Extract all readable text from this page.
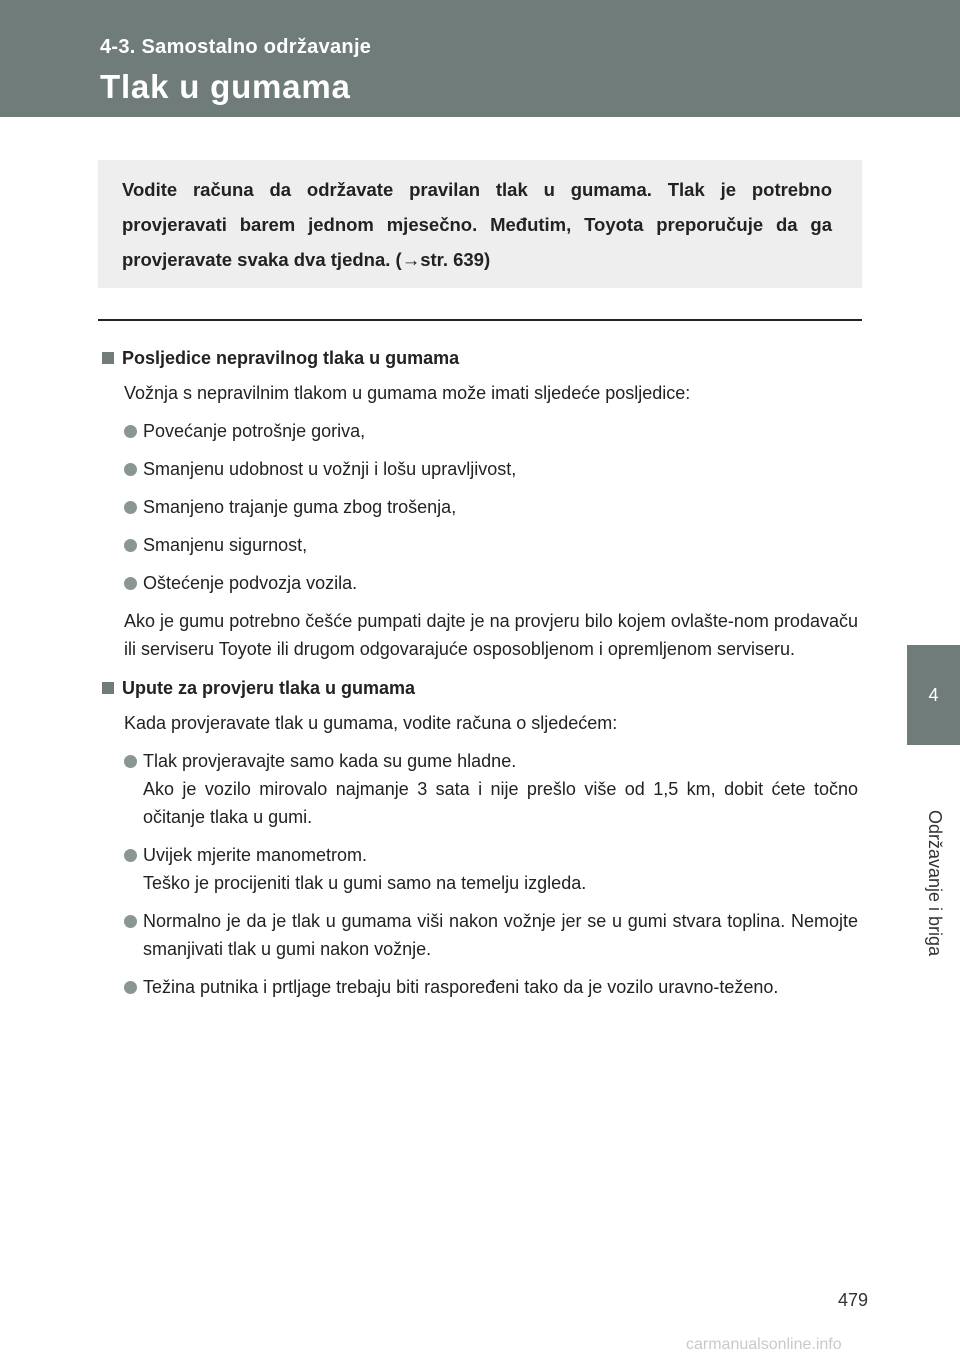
4-3. Samostalno održavanje
Tlak u gumama
4
Održavanje i briga

Vodite računa da održavate pravilan tlak u gumama. Tlak je potrebno provjeravati barem jednom mjesečno. Međutim, Toyota preporučuje da ga provjeravate svaka dva tjedna. (→str. 639)

Posljedice nepravilnog tlaka u gumama

Vožnja s nepravilnim tlakom u gumama može imati sljedeće posljedice:

Povećanje potrošnje goriva,
Smanjenu udobnost u vožnji i lošu upravljivost,
Smanjeno trajanje guma zbog trošenja,
Smanjenu sigurnost,
Oštećenje podvozja vozila.

Ako je gumu potrebno češće pumpati dajte je na provjeru bilo kojem ovlašte-nom prodavaču ili serviseru Toyote ili drugom odgovarajuće osposobljenom i opremljenom serviseru.

Upute za provjeru tlaka u gumama

Kada provjeravate tlak u gumama, vodite računa o sljedećem:

Tlak provjeravajte samo kada su gume hladne.
Ako je vozilo mirovalo najmanje 3 sata i nije prešlo više od 1,5 km, dobit ćete točno očitanje tlaka u gumi.
Uvijek mjerite manometrom.
Teško je procijeniti tlak u gumi samo na temelju izgleda.
Normalno je da je tlak u gumama viši nakon vožnje jer se u gumi stvara toplina. Nemojte smanjivati tlak u gumi nakon vožnje.
Težina putnika i prtljage trebaju biti raspoređeni tako da je vozilo uravno-teženo.
479
carmanualsonline.info
